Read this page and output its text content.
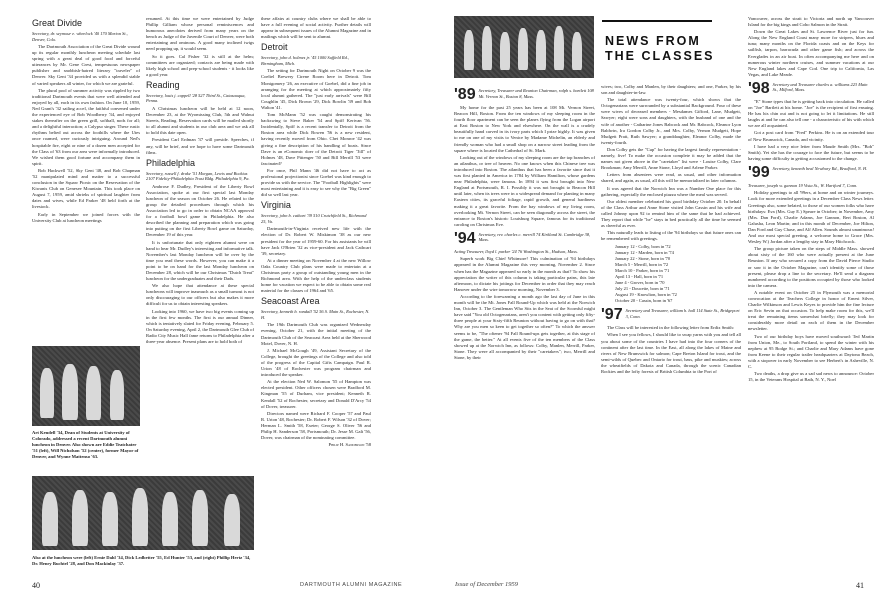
Great Divide
Secretary, dr. seymour e. wheelock '40 170 Marion St., Denver, Colo.

The Dartmouth Association of the Great Divide wound up its regular monthly luncheon meeting schedule last spring with a great deal of good food and forceful utterances by Mr. Gene Crest, tempestuous newspaper publisher and snobbish-hatred literary "traveler" of Denver. Sky Gent '34 provided us with a splendid stable of varied speakers all winter, for which we are grateful.

The plural pool of summer activity was rippled by two traditional Dartmouth events that were well attended and enjoyed by all, each in its own fashion. On June 10, 1959, Ned Grant's '32 sailing accel, the faithful convened under the experienced eye of Bob Woodberry '34, and enjoyed stakes thereafter on the green grill, softball, nods for all; and a delightful interaction; a Calypso singer. These rustic rhythms belted out across the foothills where the Utes once roamed, were curiously intriguing. Around Ned's hospitable fire, eight or nine of a dozen men accepted for the Class of '63 from our area were informally introduced. We wished them good fortune and accompany them in spirit.

Bob Hackwell '52, Sky Gent '48, and Bob Chapman '52 manipulated mind and matter to a successful conclusion in the Squaw Picnic on the Reservation of the Kiwanis Club on Genesee Mountain. This took place on August 7, 1959, amid shrieks of spiritual laughter from dates and wives, while Ed Parker '48 held forth at the livestock.

Early in September we joined forces with the University Club at luncheon meetings

Art Kendell '34, Dean of Students at University of Colorado, addressed a recent Dartmouth alumni luncheon in Denver. Also shown are Eddie Teatchater '51 (left), Will Nicholson '52 (center), former Mayor of Denver, and Wynne Mattenso '63.
Also at the luncheon were (left) Ernie Dahl '34, Dick Ledbetter '55, Ed Hunter '53, and (right) Phillip Hertz '34, Dr. Henry Buchtel '28, and Don Mackinlay '37.

resumed. At this time we were entertained by Judge Phillip Gilliam whose personal reminiscences and humorous anecdotes derived from many years on the bench as Judge of the Juvenile Court of Denver, were both entertaining and ominous. A good many inclined twigs need propping up, it would seem.

So it goes. Cal Fisher '32 is still at the helm; committees are organized; contacts are being made with likely high school and prep-school students - it looks like a good year.

Reading
Secretary, louis j. cappell '28 527 Third St., Catasauqua, Penna.

A Christmas luncheon will be held at 12 noon, December 23, at the Wyomissing Club, 5th and Walnut Streets, Reading. Reservation cards will be mailed shortly to all alumni and students in our club area and we ask all to hold this date open.

President Carl Erdman '37 will preside. Speeches, if any, will be brief, and we hope to have some Dartmouth films.

Philadelphia
Secretary, russell f. drake '51 Morgan, Lewis and Bockius 2107 Fidelity-Philadelphia Trust Bldg. Philadelphia 9, Pa.

Ambrose F. Dudley, President of the Liberty Bowl Association, spoke at our first special last Monday luncheon of the season on October 26. He related to the group the detailed procedures through which his Association led to go in order to obtain NCAA approval for a football bowl game in Philadelphia. He also described the planning and preparation which was going into putting on the first Liberty Bowl game on Saturday, December 19 of this year.

It is unfortunate that only eighteen alumni were on hand to hear Mr. Dudley's interesting and informative talk. November's last Monday luncheon will be over by the time you read these words. However, you can make it a point to be on hand for the last Monday luncheon on December 28, which will be our Christmas "Dutch Treat" luncheon for the undergraduates and their Dads.

We also hope that attendance at these special luncheons will improve inasmuch as a small turnout is not only discouraging to our officers but also makes it more difficult for us to obtain interesting speakers.

Looking into 1960, we have two big events coming up in the first few months. The first is our annual Dinner, which is tentatively slated for Friday evening, February 5. On Saturday evening, April 2, the Dartmouth Glee Club of Radio City Music Hall fame returns to Philadelphia after a three-year absence. Present plans are to hold both of

these affairs at country clubs where we shall be able to have a full evening of social activity. Further details will appear in subsequent issues of the Alumni Magazine and in mailings which will be sent to alumni.

Detroit
Secretary, john d. holmes jr. '45 1000 Suffield Rd., Birmingham, Mich.

The setting for Dartmouth Night on October 9 was the Coeltel Brewery Cirene Room here in Detroit. Tom Montgomery '26, an executive of Goebel, did a fine job in arranging for the meeting at which approximately fifty local alumni gathered. The "just early arrivals" were Bill Coughlin '45, Dick Brown '29, Dick Bowlin '39 and Bob Walton '41.

Tom McMann '52 was caught demonstrating his backswing to Steve Baker '54 and Spiff Kerivan '56. Incidentally, Spiff is a recent transfer to Detroit from the Boston area while Dick Bowen '56 is a new resident, having recently moved from Ohio. Chet Monroe '42 was giving a fine description of his handling of boats. Since Dave is an eConomic doer of the Detroit Tiger "Jill" of Holmes '48, Dave Pittenger '50 and Bill Merrill '53 were fascinated?

For once, Phil Mann '46 did not have to act as professional projectionist since Goebel was kind enough to provide us with the service. The "Football Highlights" were most entertaining and it is easy to see why the "Big Green" did so well last year.

Virginia
Secretary, john b. cathart '39 510 Crutchfield St., Richmond 25, Va.

Dartmouth-in-Virginia received new life with the election of Dr. Robert W. Miskimon '38 as our new president for the year of 1959-60. For his assistants he will have Jack O'Brien '32 as vice-president and Jack Cathcart '39, secretary.

At a dinner meeting on November 4 at the new Willow Oaks Country Club plans were made to entertain at a Christmas party a group of outstanding young men in the Richmond area. With the help of the underclass students home for vacation we expect to be able to obtain some real material for the classes of 1964 and '65.

Seacoast Area
Secretary, kenneth b. randall '52 56 S. Main St., Rochester, N. H.

The 19th Dartmouth Club was organized Wednesday evening, October 21, with the initial meeting of the Dartmouth Club of the Seacoast Area held at the Sherwood Motel, Dover, N. H.

J. Michael McGough '49, Assistant Secretary of the College, brought the greetings of the College and also told of the progress of the Capital Gifts Campaign. Paul R. Urion '48 of Rochester was program chairman and introduced the speaker.

At the election Ned W. Salomon '55 of Hampton was elected president. Other officers chosen were Bradford M. Kingman '55 of Durham, vice president; Kenneth R. Kendall '52 of Rochester, secretary and Donald D'Arcy '54 of Dover, treasurer.

Directors named were Richard F. Cooper '57 and Paul R. Urion '48, Rochester; Dr. Robert F. Wilson '32 of Dover; Herman L. Smith '58, Exeter; George S. Oliver '56 and Philip H. Sanderson '58, Portsmouth; Dr. Jesse M. Galt '56, Dover, was chairman of the nominating committee.

Philip H. Sanderson '58

40	DARTMOUTH ALUMNI MAGAZINE
NEWS FROM THE CLASSES
'89 Secretary, Treasurer and Reunion Chairman, ralph s. bartlett 108 Mt. Vernon St., Boston 8, Mass.

My home for the past 25 years has been at 108 Mt. Vernon Street, Beacon Hill, Boston. From the ten windows of my sleeping room in the fourth floor apartment can be seen the planes flying from the Logan airport at East Boston to New York and elsewhere. On the wall is a crudely beautifully hand carved in its ivory parts which I prize highly. It was given to me on one of my visits to Venice by Madame Michelin, an elderly and friendly woman who had a small shop on a narrow street leading from the square where is located the Cathedral of St. Mark.

Looking out of the windows of my sleeping room are the top branches of an ailanthus, or tree of heaven. No one knows when this Chinese tree was introduced into Boston. The ailanthus that has been a favorite since that it was first planted in America in 1784 by William Hamilton, whose gardens near Philadelphia, were famous. In 1894 it was first brought into New England at Portsmouth, R. I. Possibly it was not brought to Beacon Hill until later, when its trees were in a widespread demand for planting in many Eastern cities, its graceful foliage, rapid growth, and general hardiness making it a great favorite. From the bay windows of my living room, overlooking Mt. Vernon Street, can be seen diagonally across the street, the entrance to Boston's historic Louisburg Square, famous for its traditional caroling on Christmas Eve.

'94 Secretary, rev. charles c. merrill 74 Kirkland St. Cambridge 38, Mass.
Acting Treasurer, lloyd l. parker '24 76 Washington St., Hudson, Mass.

Superb work Big Chief Whitmore! This culmination of '94 birthdays appeared in the Alumni Magazine this very morning, November 2. Since when has the Magazine appeared so early in the month as that? To show his appreciation the writer of this column is taking particular pains, this late afternoon, to dictate his jottings for December in order that they may reach Hanover under the wire tomorrow morning, November 3.

According to the forewarning a month ago the last day of June in this month will be the Mt. Jones Fall Round-Up which was held at the Norwich Inn, October 3. The Gentleman Who Sits in the Seat of the Scornful might have said "You old Octogenarians, aren't you content with getting only fifty-three people at your Sixty-fifth Reunion without having to go on with that? Why are you men so keen to get together so often?" To which the answer seems to be, "The oftener '94 Fall Round-ups gets together, at this stage of the game, the better." At all events five of the ten members of the Class showed up at the Norwich Inn, as follows: Colby, Manlen, Merrill, Parker, Stone. They were all accompanied by their "caretakers"; two, Merrill and Stone, by their

wives; two, Colby and Manlen, by their daughters; and one, Parker, by his son and daughter-in-law.

The total attendance was twenty-four, which shows that the Octogenarians were surrounded by a substantial Background. Four of these were wives of deceased members - Mesdames Gifford, Lane, Mudgett, Sawyer; eight were sons and daughters, with the husband of one and the wife of another - Catharine Jones Babcock and Mr. Babcock, Eleanor Lyon Baldwin, Ira Gordon Colby Jr., and Mrs. Colby, Vernon Mudgett, Hope Mudgett Pratt, Ruth Sawyer; a granddaughter, Eleanor Colby, made the twenty-fourth.

Don Colby gets the "Cup" for having the largest family representation - namely, five! To make the occasion complete it may be added that the names not given above in the "caretaker" list were - Louise Colby, Clare Brookman; Amy Merrill, Anne Stone, Lloyd and Arlene Parker.

Letters from absentees were read, as usual, and other information shared, and again, as usual, all this will be memorialized in later columns.

It was agreed that the Norwich Inn was a Number One place for this gathering, especially the enclosed piazza where the meal was served.

Our oldest member celebrated his good birthday October 20. In behalf of the Class Arthur and Anne Stone visited John Cassin and his wife and called Johnny upon 92 to remind him of the same that he had achieved. They report that while "he" stays in bed practically all the time he seemed as cheerful as ever.

This naturally leads to listing of the '94 birthdays so that future ones can be remembered with greetings.

January 12 - Colby, born in '72
January 12 - Marden, born in '74
January 22 - Stone, born in '70
March 5 - Merrill, born in '72
March 10 - Parker, born in '71
April 13 - Hall, born in '71
June 4 - Grover, born in '70
July 21 - Doucette, born in '71
August 19 - Knowlton, born in '72
October 20 - Cassin, born in '67
'97 Secretary and Treasurer, william h. hall 114 State St., Bridgeport 3, Conn.

The Class will be interested in the following letter from Erdix Smith:

When I see you fellows, I should like to swap yarns with you and tell all you about some of the countries I have had into the four corners of the continent after the last time. In the East, all along the lakes of Maine and rivers of New Brunswick for salmon; Cape Breton Island for trout, and the semi-wilds of Quebec and Ontario for trout, bass, pike and muskies; across the wheatfields of Dakota and Canada, through the scenic Canadian Rockies and the lofty forests of British Columbia to the Port of

Vancouver, across the strait to Victoria and north up Vancouver Island for the big kings and Coho Salmon in the Strait.

Down the Great Lakes and St. Lawrence River just for fun. Along the New England Coast many more for stripers, blues and tuna; many months on the Florida coasts and on the Keys for sailfish, tarpon, barracuda and other game fish; and across the Everglades in an air boat. In often accompanying me here and on numerous winter northern cruises, and summer vacations at our New England lakes and Cape Cod. One trip to California, Las Vegas, and Lake Meade.

'98 Secretary and Treasurer charles a. williams 223 Main St., Milford, Mass.

"E" Stone types that he is getting back into circulation. He called on "Joe" Bartlett at his home. "Joe" is the recipient of first ensuing. He has his chin out and is not going to let it limitations. He still laughs at and he can also tell one - a characteristic of his with which we are all acquainted.

Got a post card from "Fred" Perkins. He is on an extended tour of New Brunswick, Canada, and vicinity.

I have had a very nice letter from Maude Smith (Mrs. "Bob" Smith). Yet she has the courage to face the future, but seems to be having some difficulty in getting accustomed to the change.

'99 Secretary, kenneth beal Newbury Rd., Bradford, N. H.
Treasurer, joseph w. gannon 19 Vista St., W. Hartford 7, Conn.

Holiday greetings to all '99ers, at home and on winter journeys. Look for more extended greetings in a December Class News letter. Greetings also, some belated, to those of our women folks who have birthdays: Eva (Mrs. Guy E.) Speare in October; in November, Amy (Mrs. Dan Ford), Charlie Adams, Joe Gannon, Bert Boston, Al Galusha, Leon Martin; and in this month of December, Joe Hilton, Dan Ford and Guy Chase, and Alf Allen. Sounds almost unanimous! And our most special greeting, a welcome home to Grace (Mrs. Wesley W.) Jordan after a lengthy stay in Mary Hitchcock.

The group picture taken on the steps of Middle Mass. showed about sixty of the 160 who were actually present at the June Reunion. If any who secured a copy from the David Pierce Studio or saw it in the October Magazine, can't identify some of those present, please drop a line to the secretary. He'll send a diagram numbered according to the positions occupied by those who looked into the camera.

A notable event on October 25 in Plymouth was a memorial convocation at the Teachers College in honor of Ernest Silver, Charlie Wilkinson and Lewis Keyes to provide him the fine lecture on Eric Sevin on that occasion. To help make room for this, we'll treat the remaining items somewhat briefly; they may look for considerably more detail on each of them in the December newsletter.

Two of our birthday boys have moved southward: Ted Martin from Union, Me., to South Portland, to spend the winter with his nephew at 95 Bodge St.; and Charlie and Mary Adams have gone from Keene to their regular trailer headquarters at Daytona Beach, with a stopover in early November to see Herbert's in Asheville, N. C.

Two deaths, a drop give us a sad sad news to announce: October 15, in the Veterans Hospital at Bath, N. Y., Noel

Issue of December 1959	41
